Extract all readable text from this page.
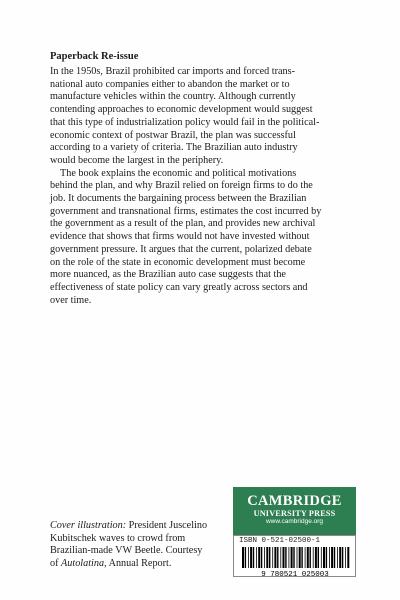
Paperback Re-issue

In the 1950s, Brazil prohibited car imports and forced trans-
national auto companies either to abandon the market or to
manufacture vehicles within the country. Although currently
contending approaches to economic development would suggest
that this type of industrialization policy would fail in the political-
economic context of postwar Brazil, the plan was successful
according to a variety of criteria. The Brazilian auto industry
would become the largest in the periphery.

The book explains the economic and political motivations
behind the plan, and why Brazil relied on foreign firms to do the
job. It documents the bargaining process between the Brazilian
government and transnational firms, estimates the cost incurred by
the government as a result of the plan, and provides new archival
evidence that shows that firms would not have invested without
government pressure. It argues that the current, polarized debate
on the role of the state in economic development must become
more nuanced, as the Brazilian auto case suggests that the
effectiveness of state policy can vary greatly across sectors and
over time.

Cover illustration: President Juscelino
Kubitschek waves to crowd from
Brazilian-made VW Beetle. Courtesy
of Autolatina, Annual Report.
CAMBRIDGE
UNIVERSITY PRESS
www.cambridge.org
ISBN 0-521-02500-1
9 780521 025003
